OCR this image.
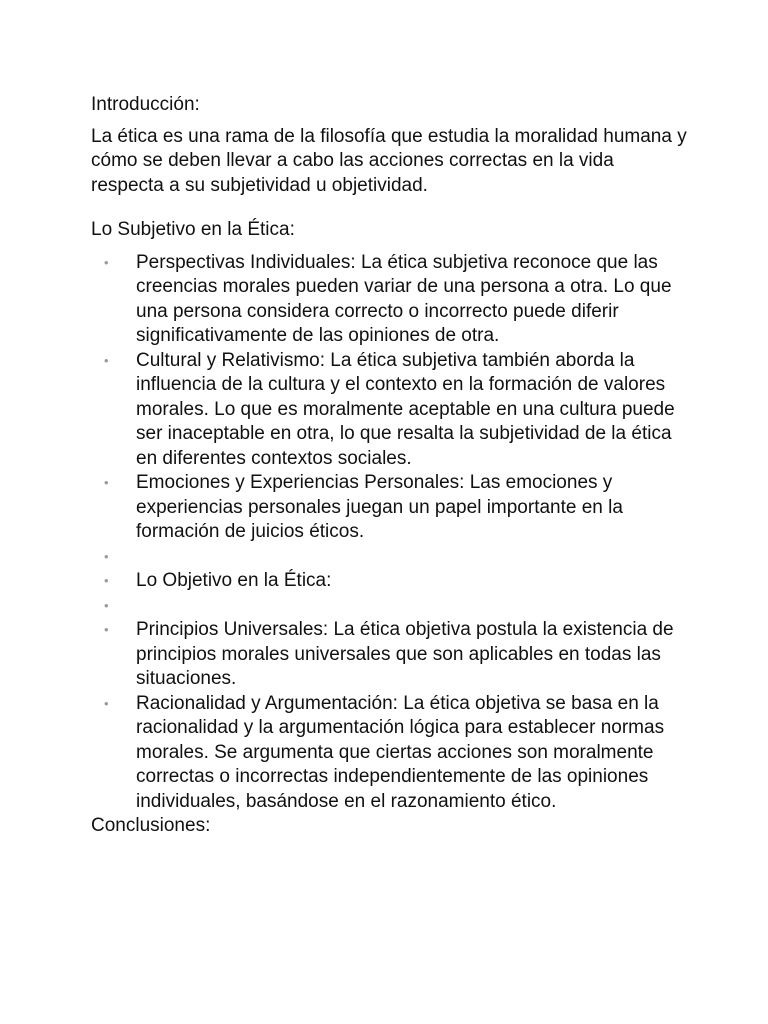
Introducción:

La ética es una rama de la filosofía que estudia la moralidad humana y cómo se deben llevar a cabo las acciones correctas en la vida respecta a su subjetividad u objetividad.

Lo Subjetivo en la Ética:

• Perspectivas Individuales: La ética subjetiva reconoce que las creencias morales pueden variar de una persona a otra. Lo que una persona considera correcto o incorrecto puede diferir significativamente de las opiniones de otra.
• Cultural y Relativismo: La ética subjetiva también aborda la influencia de la cultura y el contexto en la formación de valores morales. Lo que es moralmente aceptable en una cultura puede ser inaceptable en otra, lo que resalta la subjetividad de la ética en diferentes contextos sociales.
• Emociones y Experiencias Personales: Las emociones y experiencias personales juegan un papel importante en la formación de juicios éticos.
•
• Lo Objetivo en la Ética:
•
• Principios Universales: La ética objetiva postula la existencia de principios morales universales que son aplicables en todas las situaciones.
• Racionalidad y Argumentación: La ética objetiva se basa en la racionalidad y la argumentación lógica para establecer normas morales. Se argumenta que ciertas acciones son moralmente correctas o incorrectas independientemente de las opiniones individuales, basándose en el razonamiento ético.

Conclusiones:
